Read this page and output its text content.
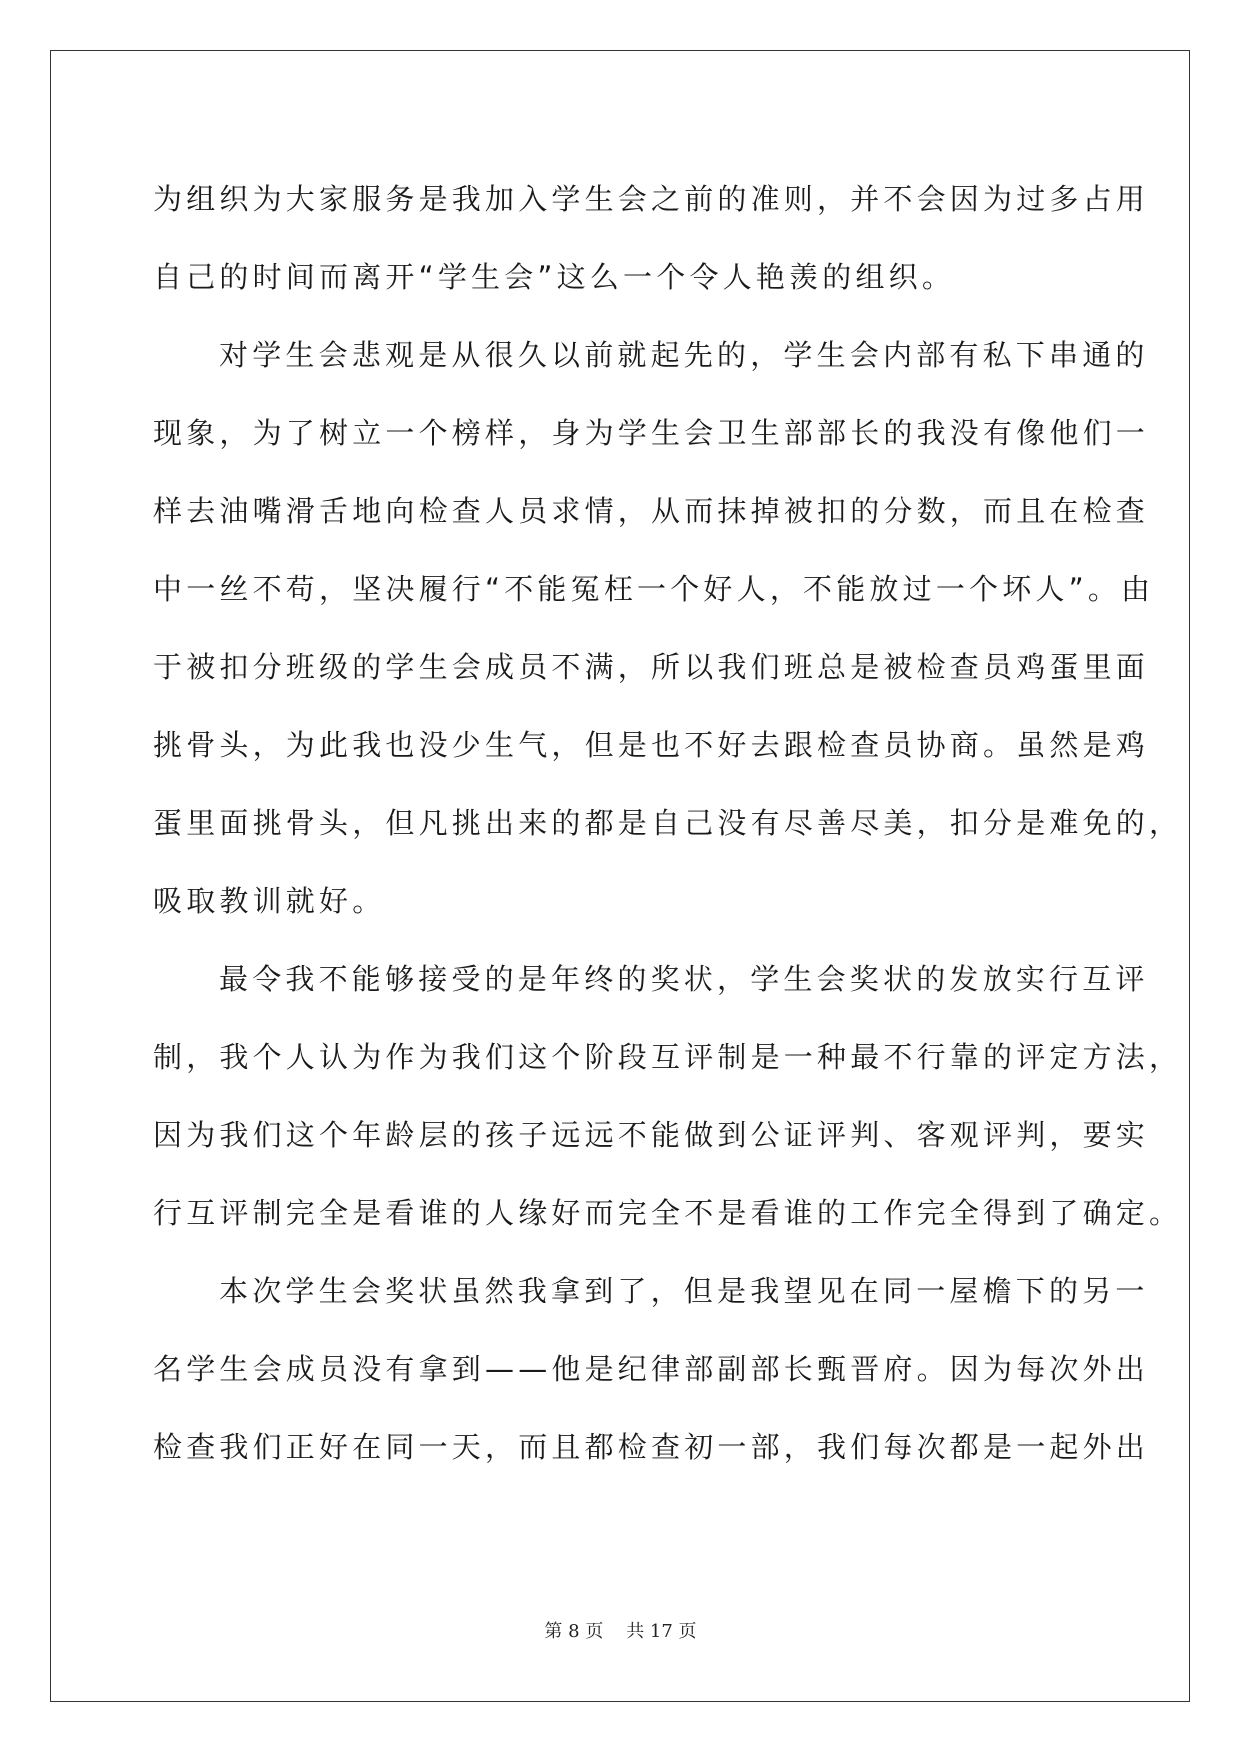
为组织为大家服务是我加入学生会之前的准则，并不会因为过多占用
自己的时间而离开“学生会”这么一个令人艳羡的组织。
对学生会悲观是从很久以前就起先的，学生会内部有私下串通的
现象，为了树立一个榜样，身为学生会卫生部部长的我没有像他们一
样去油嘴滑舌地向检查人员求情，从而抹掉被扣的分数，而且在检查
中一丝不苟，坚决履行“不能冤枉一个好人，不能放过一个坏人”。由
于被扣分班级的学生会成员不满，所以我们班总是被检查员鸡蛋里面
挑骨头，为此我也没少生气，但是也不好去跟检查员协商。虽然是鸡
蛋里面挑骨头，但凡挑出来的都是自己没有尽善尽美，扣分是难免的，
吸取教训就好。
最令我不能够接受的是年终的奖状，学生会奖状的发放实行互评
制，我个人认为作为我们这个阶段互评制是一种最不行靠的评定方法，
因为我们这个年龄层的孩子远远不能做到公证评判、客观评判，要实
行互评制完全是看谁的人缘好而完全不是看谁的工作完全得到了确定。
本次学生会奖状虽然我拿到了，但是我望见在同一屋檐下的另一
名学生会成员没有拿到——他是纪律部副部长甄晋府。因为每次外出
检查我们正好在同一天，而且都检查初一部，我们每次都是一起外出
第 8 页    共 17 页
